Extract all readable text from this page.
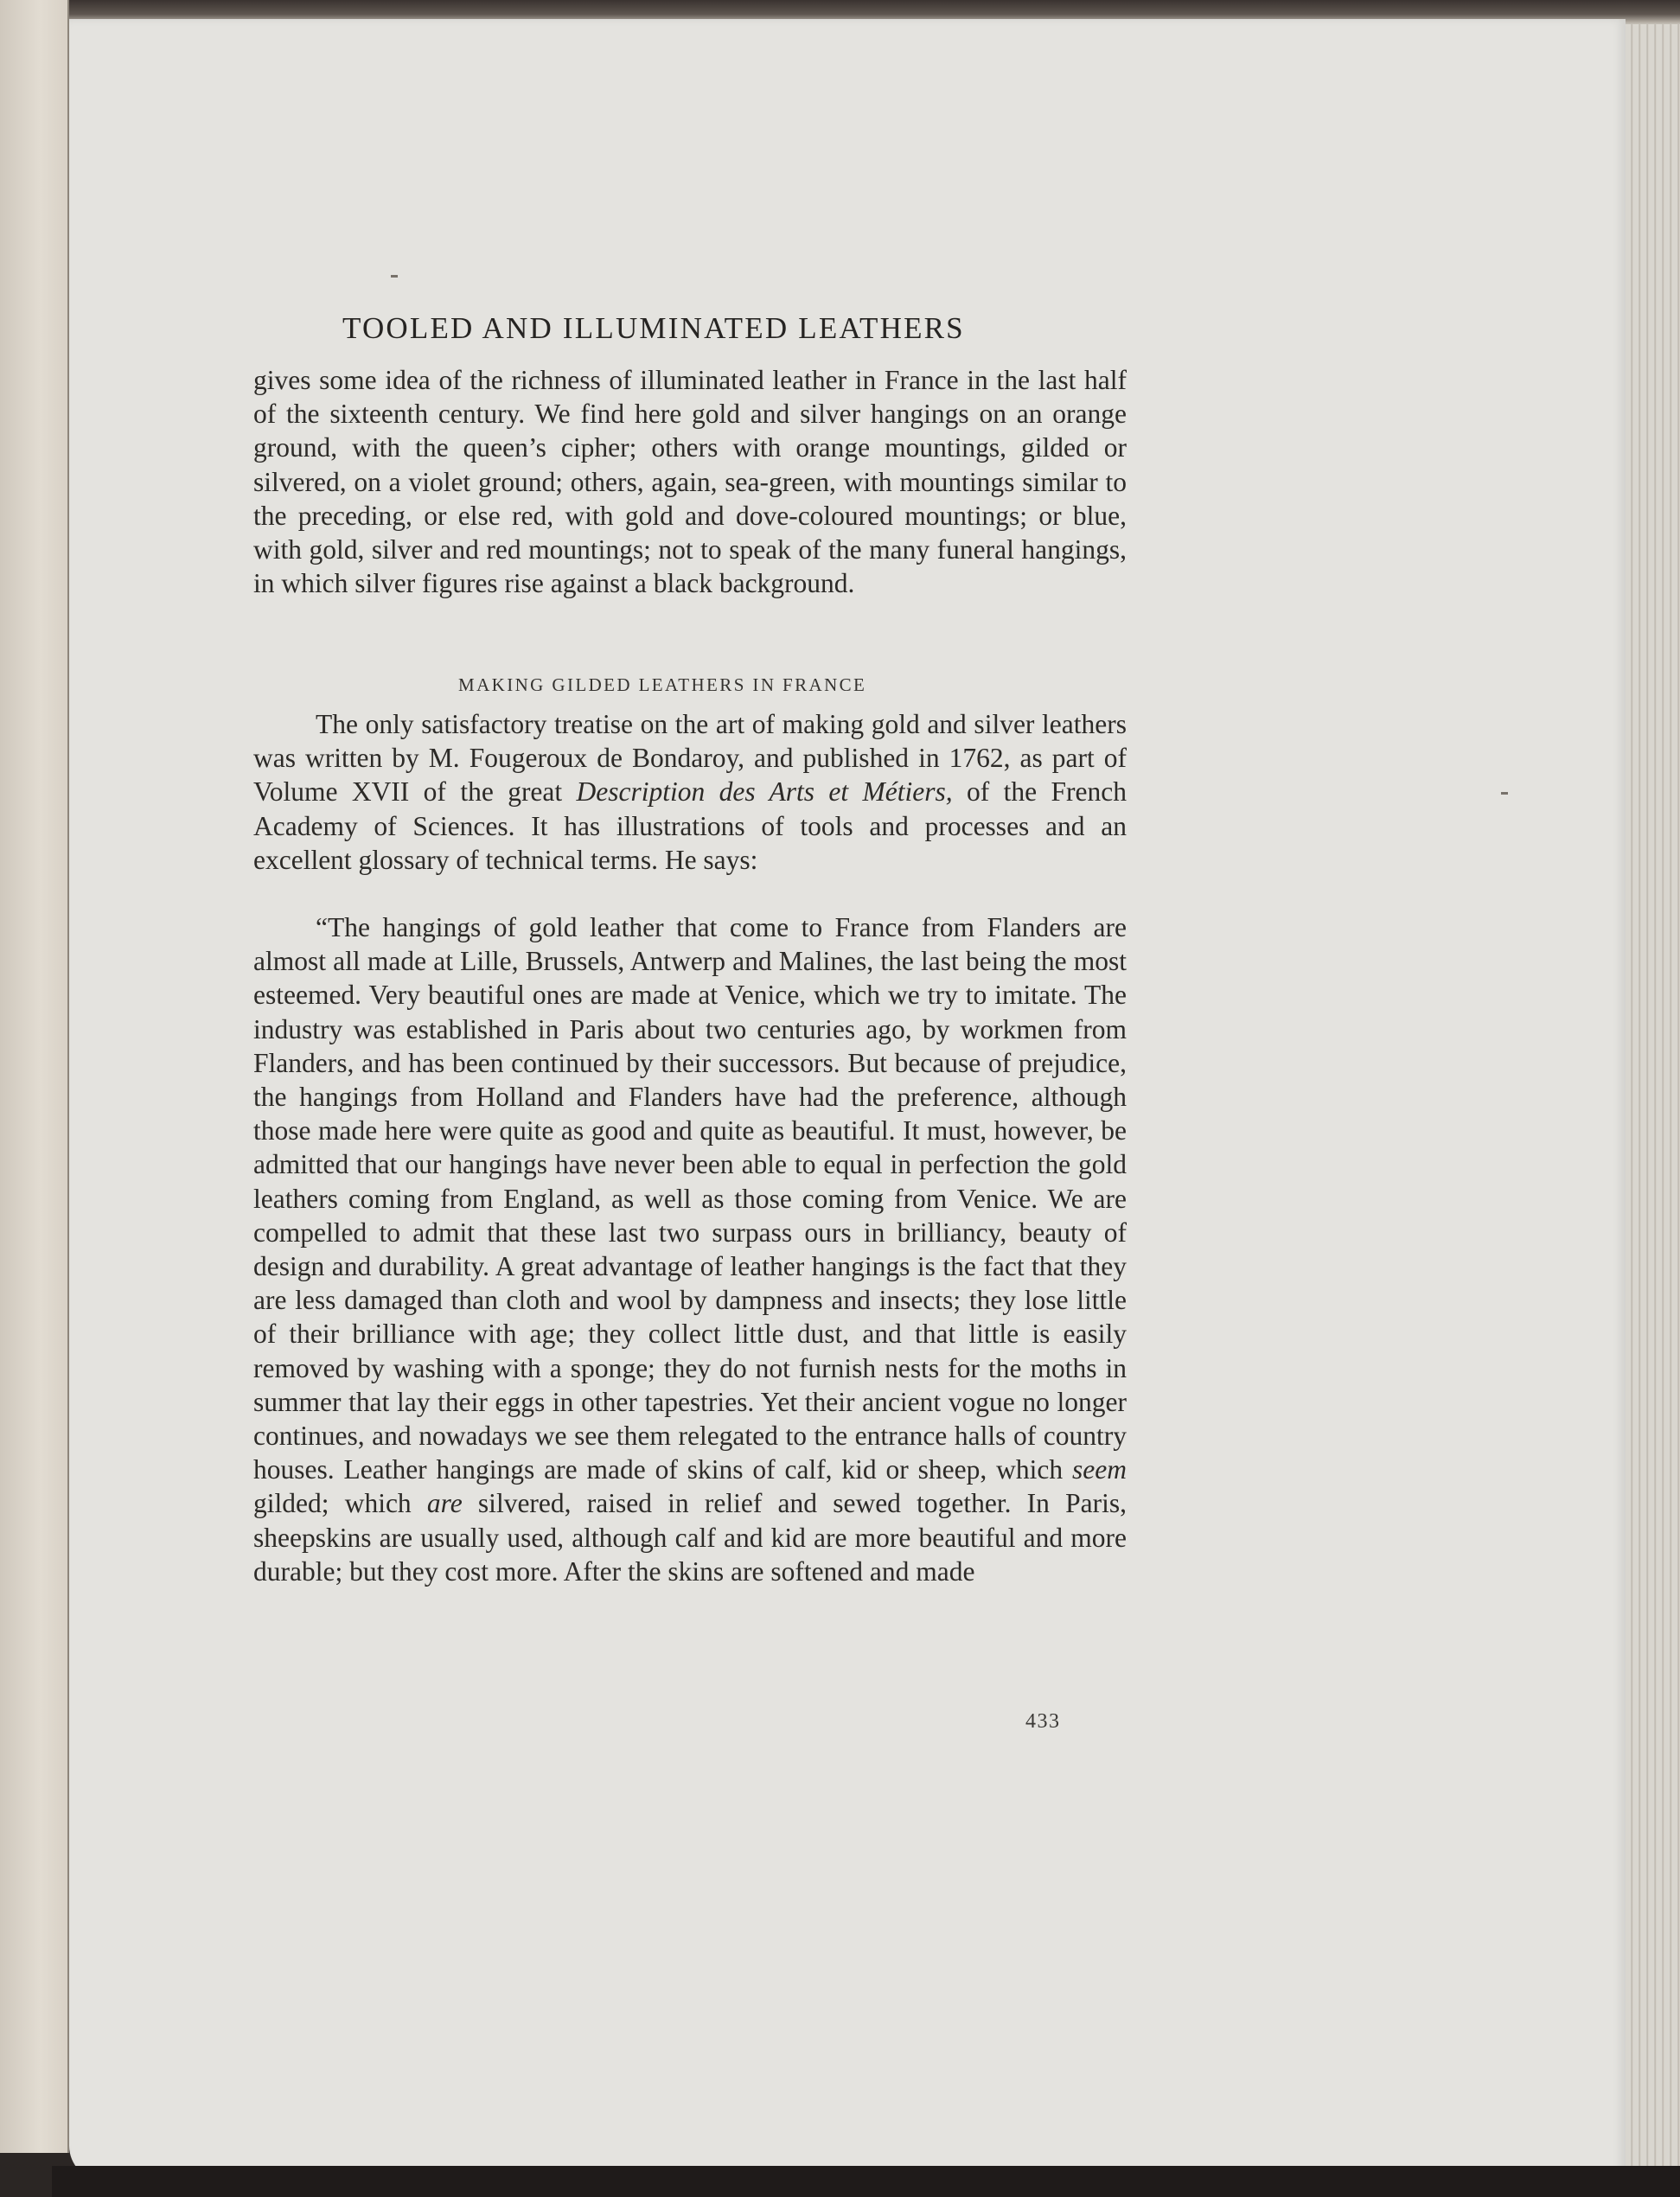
TOOLED AND ILLUMINATED LEATHERS

gives some idea of the richness of illuminated leather in France in the last half of the sixteenth century. We find here gold and silver hangings on an orange ground, with the queen’s cipher; others with orange mountings, gilded or silvered, on a violet ground; others, again, sea-green, with mountings similar to the preceding, or else red, with gold and dove-coloured mountings; or blue, with gold, silver and red mountings; not to speak of the many funeral hangings, in which silver figures rise against a black background.

MAKING GILDED LEATHERS IN FRANCE

The only satisfactory treatise on the art of making gold and silver leathers was written by M. Fougeroux de Bondaroy, and published in 1762, as part of Volume XVII of the great Description des Arts et Métiers, of the French Academy of Sciences. It has illustrations of tools and processes and an excellent glossary of technical terms. He says:

“The hangings of gold leather that come to France from Flanders are almost all made at Lille, Brussels, Antwerp and Malines, the last being the most esteemed. Very beautiful ones are made at Venice, which we try to imitate. The industry was established in Paris about two centuries ago, by workmen from Flanders, and has been continued by their successors. But because of prejudice, the hangings from Holland and Flanders have had the preference, although those made here were quite as good and quite as beautiful. It must, however, be admitted that our hangings have never been able to equal in perfection the gold leathers coming from England, as well as those coming from Venice. We are compelled to admit that these last two surpass ours in brilliancy, beauty of design and durability. A great advantage of leather hangings is the fact that they are less damaged than cloth and wool by dampness and insects; they lose little of their brilliance with age; they collect little dust, and that little is easily removed by washing with a sponge; they do not furnish nests for the moths in summer that lay their eggs in other tapestries. Yet their ancient vogue no longer continues, and nowadays we see them relegated to the entrance halls of country houses. Leather hangings are made of skins of calf, kid or sheep, which seem gilded; which are silvered, raised in relief and sewed together. In Paris, sheepskins are usually used, although calf and kid are more beautiful and more durable; but they cost more. After the skins are softened and made

433
